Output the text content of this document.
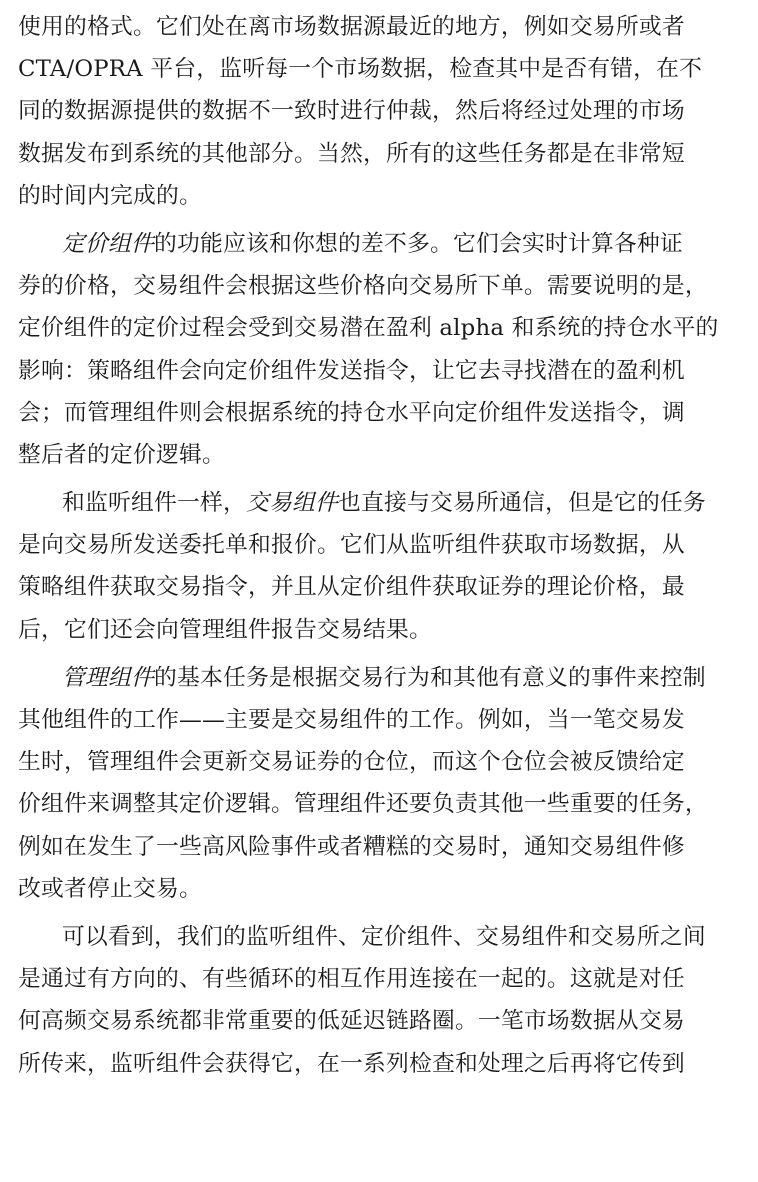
使用的格式。它们处在离市场数据源最近的地方，例如交易所或者
CTA/OPRA 平台，监听每一个市场数据，检查其中是否有错，在不
同的数据源提供的数据不一致时进行仲裁，然后将经过处理的市场
数据发布到系统的其他部分。当然，所有的这些任务都是在非常短
的时间内完成的。
定价组件的功能应该和你想的差不多。它们会实时计算各种证
券的价格，交易组件会根据这些价格向交易所下单。需要说明的是，
定价组件的定价过程会受到交易潜在盈利 alpha 和系统的持仓水平的
影响：策略组件会向定价组件发送指令，让它去寻找潜在的盈利机
会；而管理组件则会根据系统的持仓水平向定价组件发送指令，调
整后者的定价逻辑。
和监听组件一样，交易组件也直接与交易所通信，但是它的任务
是向交易所发送委托单和报价。它们从监听组件获取市场数据，从
策略组件获取交易指令，并且从定价组件获取证券的理论价格，最
后，它们还会向管理组件报告交易结果。
管理组件的基本任务是根据交易行为和其他有意义的事件来控制
其他组件的工作——主要是交易组件的工作。例如，当一笔交易发
生时，管理组件会更新交易证券的仓位，而这个仓位会被反馈给定
价组件来调整其定价逻辑。管理组件还要负责其他一些重要的任务，
例如在发生了一些高风险事件或者糟糕的交易时，通知交易组件修
改或者停止交易。
可以看到，我们的监听组件、定价组件、交易组件和交易所之间
是通过有方向的、有些循环的相互作用连接在一起的。这就是对任
何高频交易系统都非常重要的低延迟链路圈。一笔市场数据从交易
所传来，监听组件会获得它，在一系列检查和处理之后再将它传到
